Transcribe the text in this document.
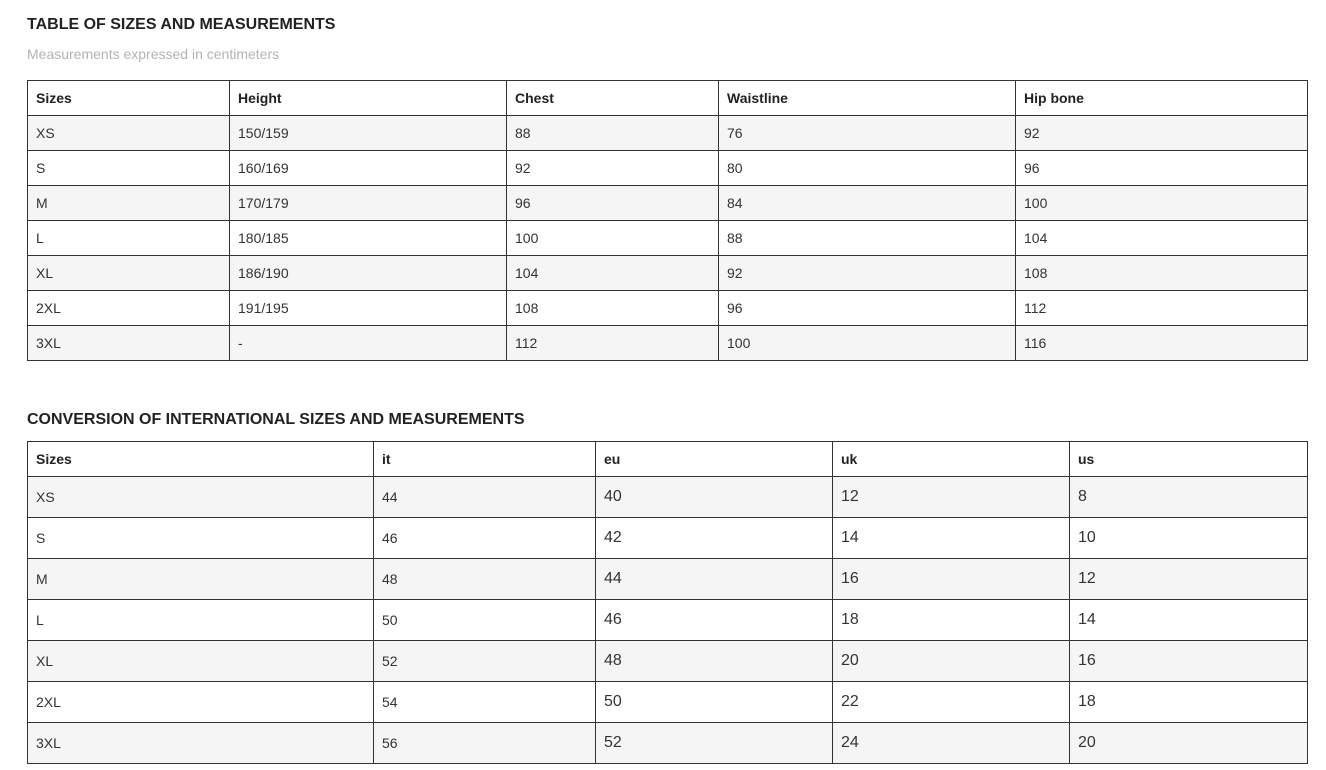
TABLE OF SIZES AND MEASUREMENTS

Measurements expressed in centimeters

Sizes	Height	Chest	Waistline	Hip bone
XS	150/159	88	76	92
S	160/169	92	80	96
M	170/179	96	84	100
L	180/185	100	88	104
XL	186/190	104	92	108
2XL	191/195	108	96	112
3XL	-	112	100	116
CONVERSION OF INTERNATIONAL SIZES AND MEASUREMENTS
Sizes	it	eu	uk	us
XS	44	40	12	8
S	46	42	14	10
M	48	44	16	12
L	50	46	18	14
XL	52	48	20	16
2XL	54	50	22	18
3XL	56	52	24	20
